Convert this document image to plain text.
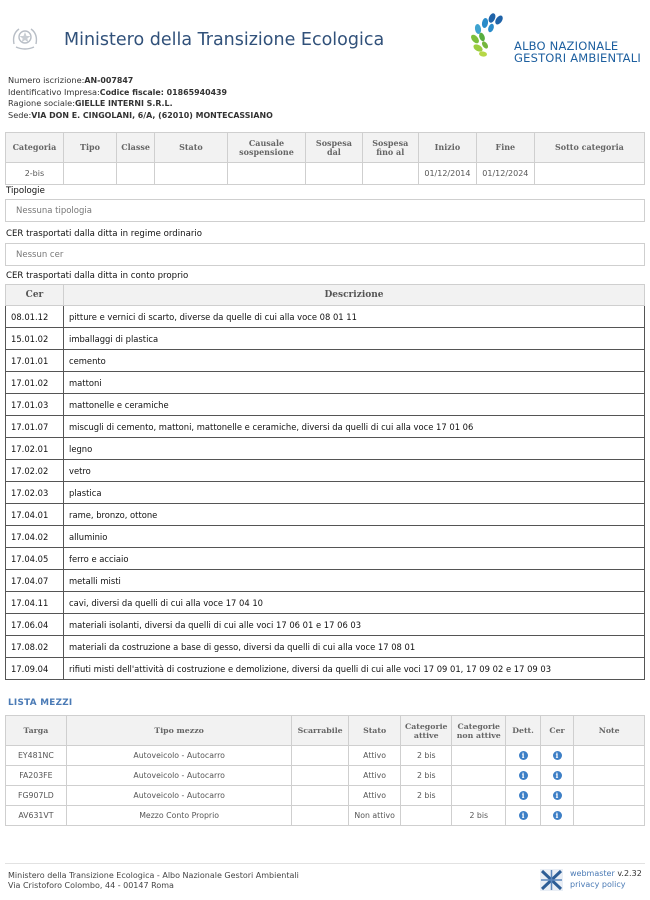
Ministero della Transizione Ecologica	ALBO NAZIONALE
GESTORI AMBIENTALI
Numero iscrizione:AN-007847
Identificativo Impresa:Codice fiscale: 01865940439
Ragione sociale:GIELLE INTERNI S.R.L.
Sede:VIA DON E. CINGOLANI, 6/A, (62010) MONTECASSIANO
Categoria	Tipo	Classe	Stato	Causale sospensione	Sospesa dal	Sospesa fino al	Inizio	Fine	Sotto categoria
2-bis							01/12/2014	01/12/2024	
Tipologie
Nessuna tipologia
CER trasportati dalla ditta in regime ordinario
Nessun cer
CER trasportati dalla ditta in conto proprio
Cer	Descrizione
08.01.12	pitture e vernici di scarto, diverse da quelle di cui alla voce 08 01 11
15.01.02	imballaggi di plastica
17.01.01	cemento
17.01.02	mattoni
17.01.03	mattonelle e ceramiche
17.01.07	miscugli di cemento, mattoni, mattonelle e ceramiche, diversi da quelli di cui alla voce 17 01 06
17.02.01	legno
17.02.02	vetro
17.02.03	plastica
17.04.01	rame, bronzo, ottone
17.04.02	alluminio
17.04.05	ferro e acciaio
17.04.07	metalli misti
17.04.11	cavi, diversi da quelli di cui alla voce 17 04 10
17.06.04	materiali isolanti, diversi da quelli di cui alle voci 17 06 01 e 17 06 03
17.08.02	materiali da costruzione a base di gesso, diversi da quelli di cui alla voce 17 08 01
17.09.04	rifiuti misti dell'attività di costruzione e demolizione, diversi da quelli di cui alle voci 17 09 01, 17 09 02 e 17 09 03
LISTA MEZZI
Targa	Tipo mezzo	Scarrabile	Stato	Categorie attive	Categorie non attive	Dett.	Cer	Note
EY481NC	Autoveicolo - Autocarro		Attivo	2 bis		i	i	
FA203FE	Autoveicolo - Autocarro		Attivo	2 bis		i	i	
FG907LD	Autoveicolo - Autocarro		Attivo	2 bis		i	i	
AV631VT	Mezzo Conto Proprio		Non attivo		2 bis	i	i	
Ministero della Transizione Ecologica - Albo Nazionale Gestori Ambientali
Via Cristoforo Colombo, 44 - 00147 Roma
webmaster v.2.32
privacy policy
